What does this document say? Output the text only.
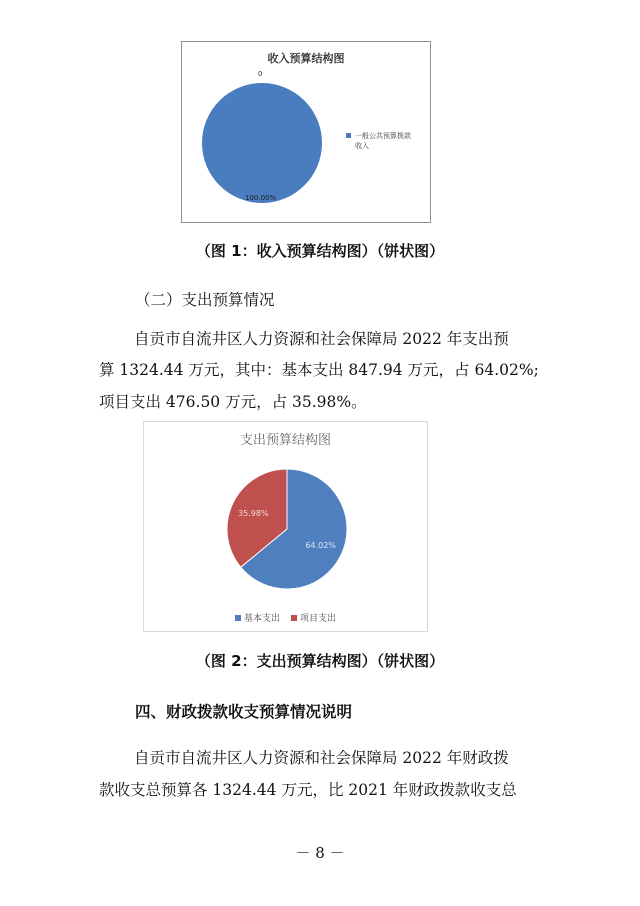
收入预算结构图
0
100.00%
一般公共预算拨款
收入
（图 1：收入预算结构图）（饼状图）
（二）支出预算情况
自贡市自流井区人力资源和社会保障局 2022 年支出预
算 1324.44 万元，其中：基本支出 847.94 万元，占 64.02%;
项目支出 476.50 万元，占 35.98%。
支出预算结构图
64.02%
35.98%
基本支出 项目支出
（图 2：支出预算结构图）（饼状图）
四、财政拨款收支预算情况说明
自贡市自流井区人力资源和社会保障局 2022 年财政拨
款收支总预算各 1324.44 万元，比 2021 年财政拨款收支总
－ 8 －
